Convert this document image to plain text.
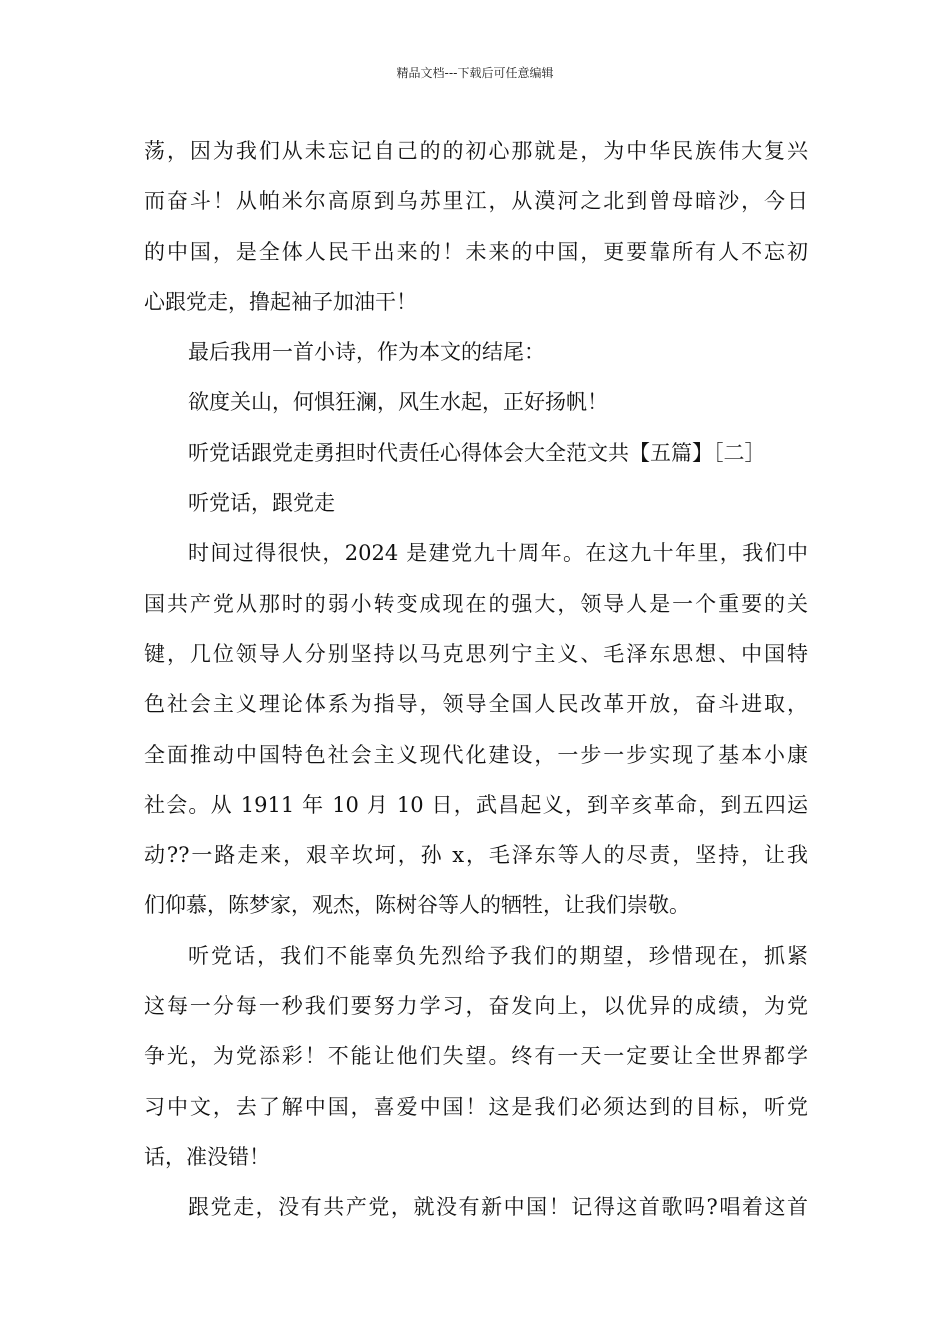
精品文档---下载后可任意编辑
荡，因为我们从未忘记自己的的初心那就是，为中华民族伟大复兴
而奋斗！从帕米尔高原到乌苏里江，从漠河之北到曾母暗沙，今日
的中国，是全体人民干出来的！未来的中国，更要靠所有人不忘初
心跟党走，撸起袖子加油干！
最后我用一首小诗，作为本文的结尾：
欲度关山，何惧狂澜，风生水起，正好扬帆！
听党话跟党走勇担时代责任心得体会大全范文共【五篇】［二］
听党话，跟党走
时间过得很快，2024 是建党九十周年。在这九十年里，我们中
国共产党从那时的弱小转变成现在的强大，领导人是一个重要的关
键，几位领导人分别坚持以马克思列宁主义、毛泽东思想、中国特
色社会主义理论体系为指导，领导全国人民改革开放，奋斗进取，
全面推动中国特色社会主义现代化建设，一步一步实现了基本小康
社会。从 1911 年 10 月 10 日，武昌起义，到辛亥革命，到五四运
动??一路走来，艰辛坎坷，孙 x，毛泽东等人的尽责，坚持，让我
们仰慕，陈梦家，观杰，陈树谷等人的牺牲，让我们崇敬。
听党话，我们不能辜负先烈给予我们的期望，珍惜现在，抓紧
这每一分每一秒我们要努力学习，奋发向上，以优异的成绩，为党
争光，为党添彩！不能让他们失望。终有一天一定要让全世界都学
习中文，去了解中国，喜爱中国！这是我们必须达到的目标，听党
话，准没错！
跟党走，没有共产党，就没有新中国！记得这首歌吗?唱着这首
